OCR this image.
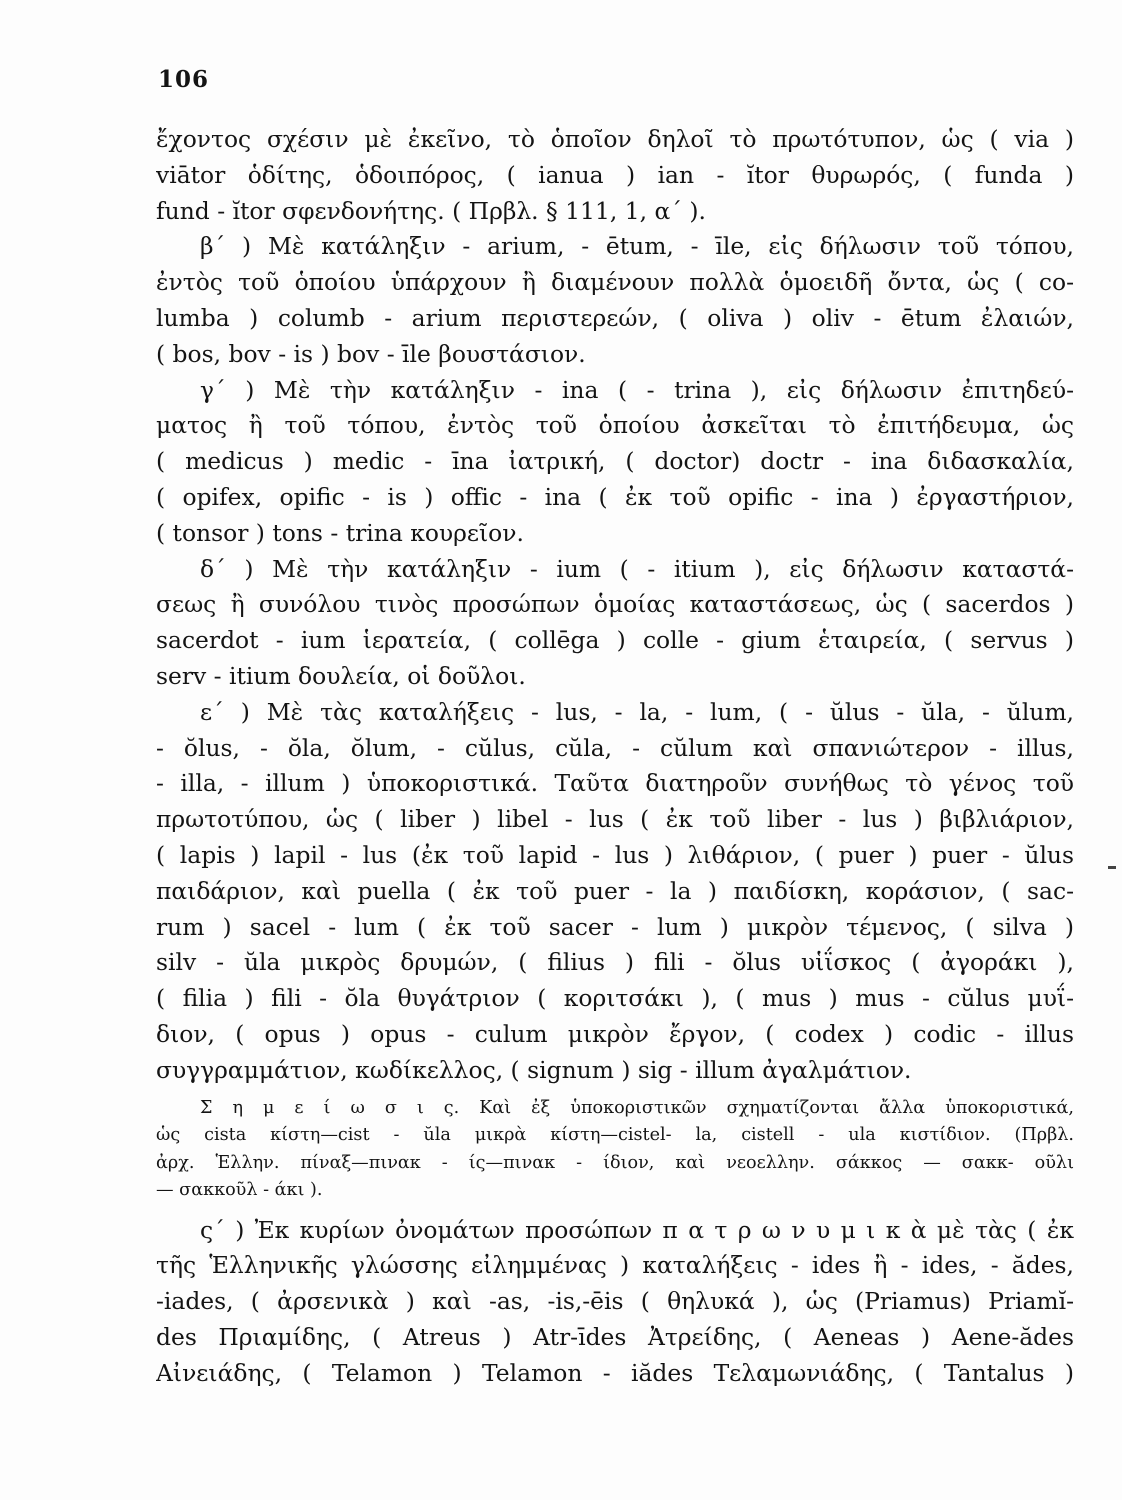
106
ἔχοντος σχέσιν μὲ ἐκεῖνο, τὸ ὁποῖον δηλοῖ τὸ πρωτότυπον, ὡς ( via )
viātor ὁδίτης, ὁδοιπόρος, ( ianua ) ian - ĭtor θυρωρός, ( funda )
fund - ĭtor σφενδονήτης. ( Πρβλ. § 111, 1, α΄ ).
β΄ ) Μὲ κατάληξιν - arium, - ētum, - īle, εἰς δήλωσιν τοῦ τόπου,
ἐντὸς τοῦ ὁποίου ὑπάρχουν ἢ διαμένουν πολλὰ ὁμοειδῆ ὄντα, ὡς ( co-
lumba ) columb - arium περιστερεών, ( oliva ) oliv - ētum ἐλαιών,
( bos, bov - is ) bov - īle βουστάσιον.
γ΄ ) Μὲ τὴν κατάληξιν - ina ( - trina ), εἰς δήλωσιν ἐπιτηδεύ-
ματος ἢ τοῦ τόπου, ἐντὸς τοῦ ὁποίου ἀσκεῖται τὸ ἐπιτήδευμα, ὡς
( medicus ) medic - īna ἰατρική, ( doctor) doctr - ina διδασκαλία,
( opifex, opific - is ) offic - ina ( ἐκ τοῦ opific - ina ) ἐργαστήριον,
( tonsor ) tons - trina κουρεῖον.
δ΄ ) Μὲ τὴν κατάληξιν - ium ( - itium ), εἰς δήλωσιν καταστά-
σεως ἢ συνόλου τινὸς προσώπων ὁμοίας καταστάσεως, ὡς ( sacerdos )
sacerdot - ium ἱερατεία, ( collēga ) colle - gium ἑταιρεία, ( servus )
serv - itium δουλεία, οἱ δοῦλοι.
ε΄ ) Μὲ τὰς καταλήξεις - lus, - la, - lum, ( - ŭlus - ŭla, - ŭlum,
- ŏlus, - ŏla, ŏlum, - cŭlus, cŭla, - cŭlum καὶ σπανιώτερον - illus,
- illa, - illum ) ὑποκοριστικά. Ταῦτα διατηροῦν συνήθως τὸ γένος τοῦ
πρωτοτύπου, ὡς ( liber ) libel - lus ( ἐκ τοῦ liber - lus ) βιβλιάριον,
( lapis ) lapil - lus (ἐκ τοῦ lapid - lus ) λιθάριον, ( puer ) puer - ŭlus
παιδάριον, καὶ puella ( ἐκ τοῦ puer - la ) παιδίσκη, κοράσιον, ( sac-
rum ) sacel - lum ( ἐκ τοῦ sacer - lum ) μικρὸν τέμενος, ( silva )
silv - ŭla μικρὸς δρυμών, ( filius ) fili - ŏlus υἱΐσκος ( ἀγοράκι ),
( filia ) fili - ŏla θυγάτριον ( κοριτσάκι ), ( mus ) mus - cŭlus μυΐ-
διον, ( opus ) opus - culum μικρὸν ἔργον, ( codex ) codic - illus
συγγραμμάτιον, κωδίκελλος, ( signum ) sig - illum ἀγαλμάτιον.
Σ η μ ε ί ω σ ι ς. Καὶ ἐξ ὑποκοριστικῶν σχηματίζονται ἄλλα ὑποκοριστικά,
ὡς cista κίστη—cist - ŭla μικρὰ κίστη—cistel- la, cistell - ula κιστίδιον. (Πρβλ.
ἀρχ. Ἑλλην. πίναξ—πινακ - ίς—πινακ - ίδιον, καὶ νεοελλην. σάκκος — σακκ- οῦλι
— σακκοῦλ - άκι ).
ς΄ ) Ἐκ κυρίων ὀνομάτων προσώπων π α τ ρ ω ν υ μ ι κ ὰ μὲ τὰς ( ἐκ
τῆς Ἑλληνικῆς γλώσσης εἰλημμένας ) καταλήξεις - ides ἢ - ides, - ădes,
-iades, ( ἀρσενικὰ ) καὶ -as, -is,-ēis ( θηλυκά ), ὡς (Priamus) Priamĭ-
des Πριαμίδης, ( Atreus ) Atr-īdes Ἀτρείδης, ( Aeneas ) Aene-ădes
Αἰνειάδης, ( Telamon ) Telamon - iădes Τελαμωνιάδης, ( Tantalus )
